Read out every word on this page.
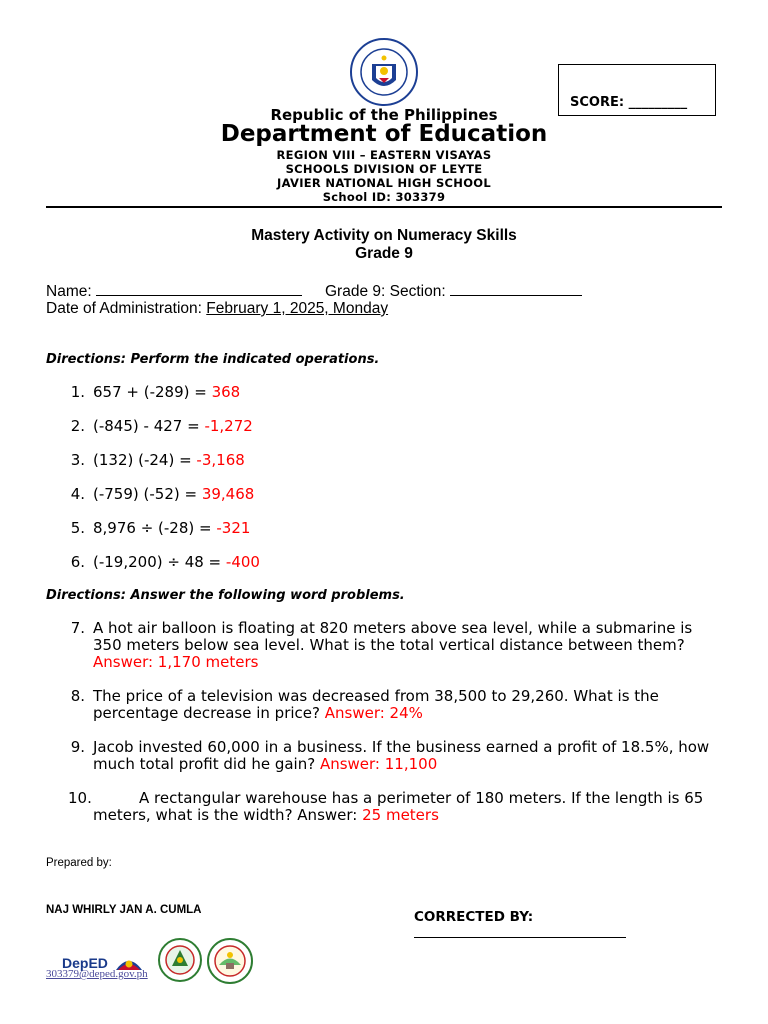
SCORE: _________
Republic of the Philippines
Department of Education
REGION VIII – EASTERN VISAYAS
SCHOOLS DIVISION OF LEYTE
JAVIER NATIONAL HIGH SCHOOL
School ID: 303379
Mastery Activity on Numeracy Skills
Grade 9
Name:	Grade 9: Section:
Date of Administration: February 1, 2025, Monday
Directions: Perform the indicated operations.
1. 657 + (-289) = 368
2. (-845) - 427 = -1,272
3. (132) (-24) = -3,168
4. (-759) (-52) = 39,468
5. 8,976 ÷ (-28) = -321
6. (-19,200) ÷ 48 = -400
Directions: Answer the following word problems.
7. A hot air balloon is floating at 820 meters above sea level, while a submarine is 350 meters below sea level. What is the total vertical distance between them?
Answer: 1,170 meters
8. The price of a television was decreased from 38,500 to 29,260. What is the percentage decrease in price? Answer: 24%
9. Jacob invested 60,000 in a business. If the business earned a profit of 18.5%, how much total profit did he gain? Answer: 11,100
10.	A rectangular warehouse has a perimeter of 180 meters. If the length is 65 meters, what is the width? Answer: 25 meters
Prepared by:
NAJ WHIRLY JAN A. CUMLA	CORRECTED BY:
DepED
303379@deped.gov.ph
